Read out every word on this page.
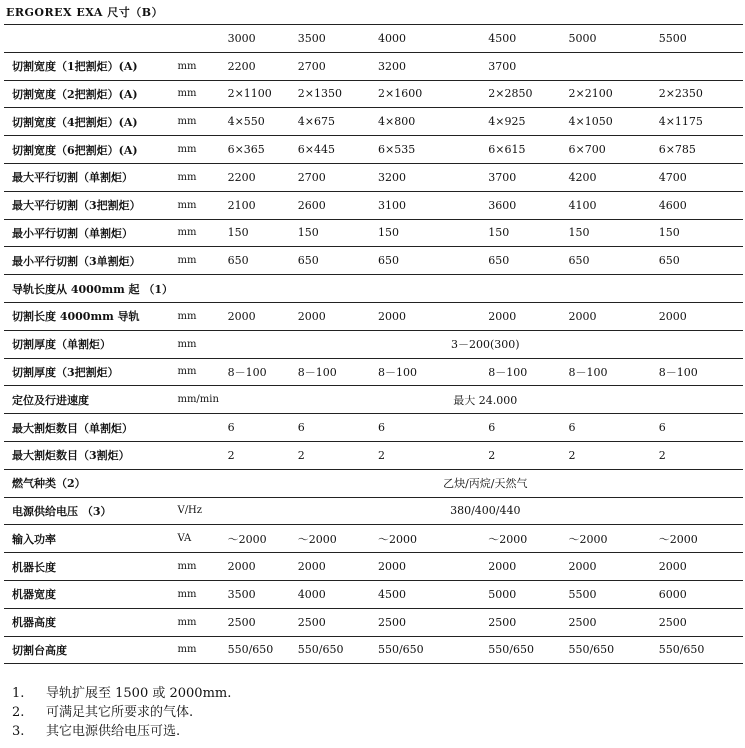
ERGOREX EXA 尺寸（B）
		3000	3500	4000	4500	5000	5500
切割宽度（1把割炬）(A)	mm	2200	2700	3200	3700		
切割宽度（2把割炬）(A)	mm	2×1100	2×1350	2×1600	2×2850	2×2100	2×2350
切割宽度（4把割炬）(A)	mm	4×550	4×675	4×800	4×925	4×1050	4×1175
切割宽度（6把割炬）(A)	mm	6×365	6×445	6×535	6×615	6×700	6×785
最大平行切割（单割炬）	mm	2200	2700	3200	3700	4200	4700
最大平行切割（3把割炬）	mm	2100	2600	3100	3600	4100	4600
最小平行切割（单割炬）	mm	150	150	150	150	150	150
最小平行切割（3单割炬）	mm	650	650	650	650	650	650
导轨长度从 4000mm 起 （1）							
切割长度 4000mm 导轨	mm	2000	2000	2000	2000	2000	2000
切割厚度（单割炬）	mm	3－200(300)					
切割厚度（3把割炬）	mm	8－100	8－100	8－100	8－100	8－100	8－100
定位及行进速度	mm/min	最大 24.000					
最大割炬数目（单割炬）		6	6	6	6	6	6
最大割炬数目（3割炬）		2	2	2	2	2	2
燃气种类（2）		乙炔/丙烷/天然气					
电源供给电压 （3）	V/Hz	380/400/440					
输入功率	VA	～2000	～2000	～2000	～2000	～2000	～2000
机器长度	mm	2000	2000	2000	2000	2000	2000
机器宽度	mm	3500	4000	4500	5000	5500	6000
机器高度	mm	2500	2500	2500	2500	2500	2500
切割台高度	mm	550/650	550/650	550/650	550/650	550/650	550/650
1. 导轨扩展至 1500 或 2000mm.
2. 可满足其它所要求的气体.
3. 其它电源供给电压可选.
